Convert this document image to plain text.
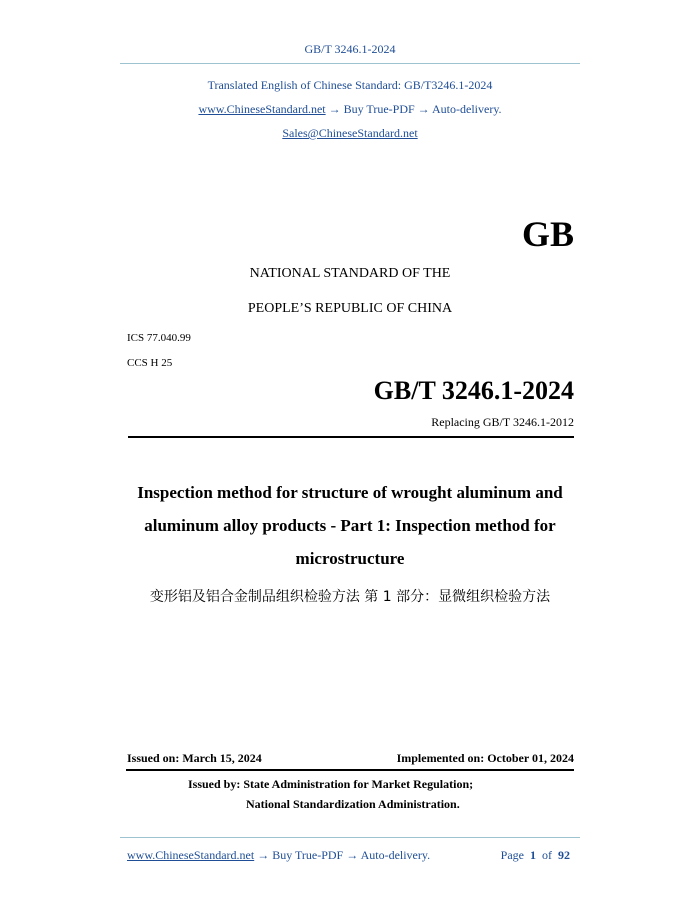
GB/T 3246.1-2024
Translated English of Chinese Standard: GB/T3246.1-2024
www.ChineseStandard.net → Buy True-PDF → Auto-delivery.
Sales@ChineseStandard.net
GB
NATIONAL STANDARD OF THE
PEOPLE’S REPUBLIC OF CHINA
ICS 77.040.99
CCS H 25
GB/T 3246.1-2024
Replacing GB/T 3246.1-2012
Inspection method for structure of wrought aluminum and
aluminum alloy products - Part 1: Inspection method for
microstructure
变形铝及铝合金制品组织检验方法 第 1 部分：显微组织检验方法
Issued on: March 15, 2024	Implemented on: October 01, 2024
Issued by: State Administration for Market Regulation;
National Standardization Administration.
www.ChineseStandard.net → Buy True-PDF → Auto-delivery.	Page 1 of 92
